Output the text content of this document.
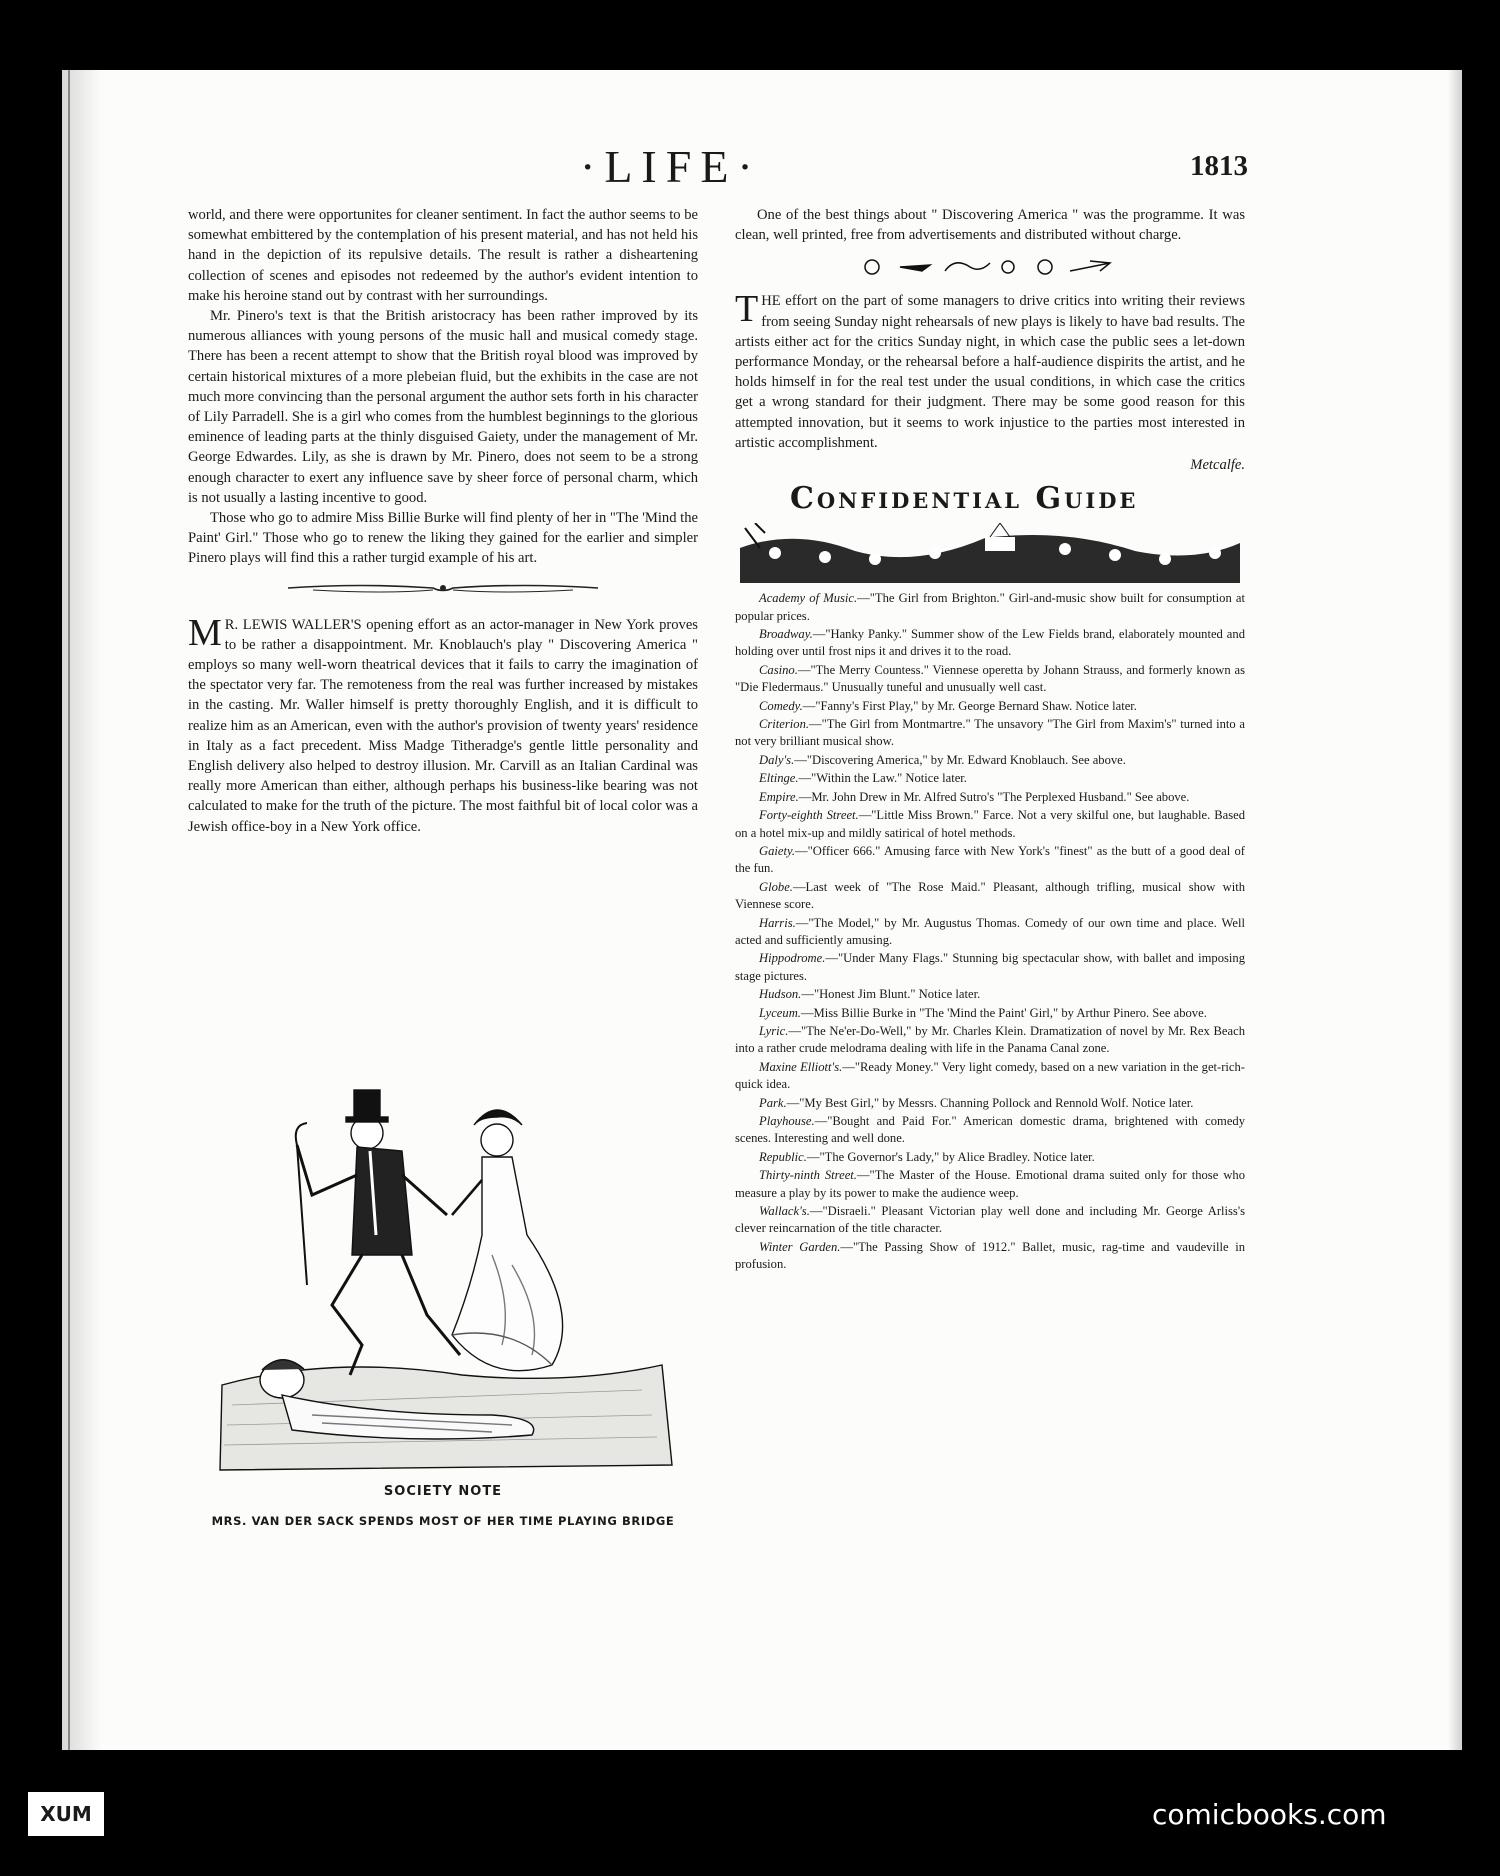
·LIFE·	1813

world, and there were opportunites for cleaner sentiment. In fact the author seems to be somewhat embittered by the contemplation of his present material, and has not held his hand in the depiction of its repulsive details. The result is rather a disheartening collection of scenes and episodes not redeemed by the author's evident intention to make his heroine stand out by contrast with her surroundings.

Mr. Pinero's text is that the British aristocracy has been rather improved by its numerous alliances with young persons of the music hall and musical comedy stage. There has been a recent attempt to show that the British royal blood was improved by certain historical mixtures of a more plebeian fluid, but the exhibits in the case are not much more convincing than the personal argument the author sets forth in his character of Lily Parradell. She is a girl who comes from the humblest beginnings to the glorious eminence of leading parts at the thinly disguised Gaiety, under the management of Mr. George Edwardes. Lily, as she is drawn by Mr. Pinero, does not seem to be a strong enough character to exert any influence save by sheer force of personal charm, which is not usually a lasting incentive to good.

Those who go to admire Miss Billie Burke will find plenty of her in "The 'Mind the Paint' Girl." Those who go to renew the liking they gained for the earlier and simpler Pinero plays will find this a rather turgid example of his art.

M R. LEWIS WALLER'S opening effort as an actor-manager in New York proves to be rather a disappointment. Mr. Knoblauch's play " Discovering America " employs so many well-worn theatrical devices that it fails to carry the imagination of the spectator very far. The remoteness from the real was further increased by mistakes in the casting. Mr. Waller himself is pretty thoroughly English, and it is difficult to realize him as an American, even with the author's provision of twenty years' residence in Italy as a fact precedent. Miss Madge Titheradge's gentle little personality and English delivery also helped to destroy illusion. Mr. Carvill as an Italian Cardinal was really more American than either, although perhaps his business-like bearing was not calculated to make for the truth of the picture. The most faithful bit of local color was a Jewish office-boy in a New York office.

SOCIETY NOTE
MRS. VAN DER SACK SPENDS MOST OF HER TIME PLAYING BRIDGE

One of the best things about " Discovering America " was the programme. It was clean, well printed, free from advertisements and distributed without charge.

THE effort on the part of some managers to drive critics into writing their reviews from seeing Sunday night rehearsals of new plays is likely to have bad results. The artists either act for the critics Sunday night, in which case the public sees a let-down performance Monday, or the rehearsal before a half-audience dispirits the artist, and he holds himself in for the real test under the usual conditions, in which case the critics get a wrong standard for their judgment. There may be some good reason for this attempted innovation, but it seems to work injustice to the parties most interested in artistic accomplishment.

Metcalfe.
Confidential Guide

Academy of Music.—"The Girl from Brighton." Girl-and-music show built for consumption at popular prices.

Broadway.—"Hanky Panky." Summer show of the Lew Fields brand, elaborately mounted and holding over until frost nips it and drives it to the road.

Casino.—"The Merry Countess." Viennese operetta by Johann Strauss, and formerly known as "Die Fledermaus." Unusually tuneful and unusually well cast.

Comedy.—"Fanny's First Play," by Mr. George Bernard Shaw. Notice later.

Criterion.—"The Girl from Montmartre." The unsavory "The Girl from Maxim's" turned into a not very brilliant musical show.

Daly's.—"Discovering America," by Mr. Edward Knoblauch. See above.

Eltinge.—"Within the Law." Notice later.

Empire.—Mr. John Drew in Mr. Alfred Sutro's "The Perplexed Husband." See above.

Forty-eighth Street.—"Little Miss Brown." Farce. Not a very skilful one, but laughable. Based on a hotel mix-up and mildly satirical of hotel methods.

Gaiety.—"Officer 666." Amusing farce with New York's "finest" as the butt of a good deal of the fun.

Globe.—Last week of "The Rose Maid." Pleasant, although trifling, musical show with Viennese score.

Harris.—"The Model," by Mr. Augustus Thomas. Comedy of our own time and place. Well acted and sufficiently amusing.

Hippodrome.—"Under Many Flags." Stunning big spectacular show, with ballet and imposing stage pictures.

Hudson.—"Honest Jim Blunt." Notice later.

Lyceum.—Miss Billie Burke in "The 'Mind the Paint' Girl," by Arthur Pinero. See above.

Lyric.—"The Ne'er-Do-Well," by Mr. Charles Klein. Dramatization of novel by Mr. Rex Beach into a rather crude melodrama dealing with life in the Panama Canal zone.

Maxine Elliott's.—"Ready Money." Very light comedy, based on a new variation in the get-rich-quick idea.

Park.—"My Best Girl," by Messrs. Channing Pollock and Rennold Wolf. Notice later.

Playhouse.—"Bought and Paid For." American domestic drama, brightened with comedy scenes. Interesting and well done.

Republic.—"The Governor's Lady," by Alice Bradley. Notice later.

Thirty-ninth Street.—"The Master of the House. Emotional drama suited only for those who measure a play by its power to make the audience weep.

Wallack's.—"Disraeli." Pleasant Victorian play well done and including Mr. George Arliss's clever reincarnation of the title character.

Winter Garden.—"The Passing Show of 1912." Ballet, music, rag-time and vaudeville in profusion.

XUM	comicbooks.com
